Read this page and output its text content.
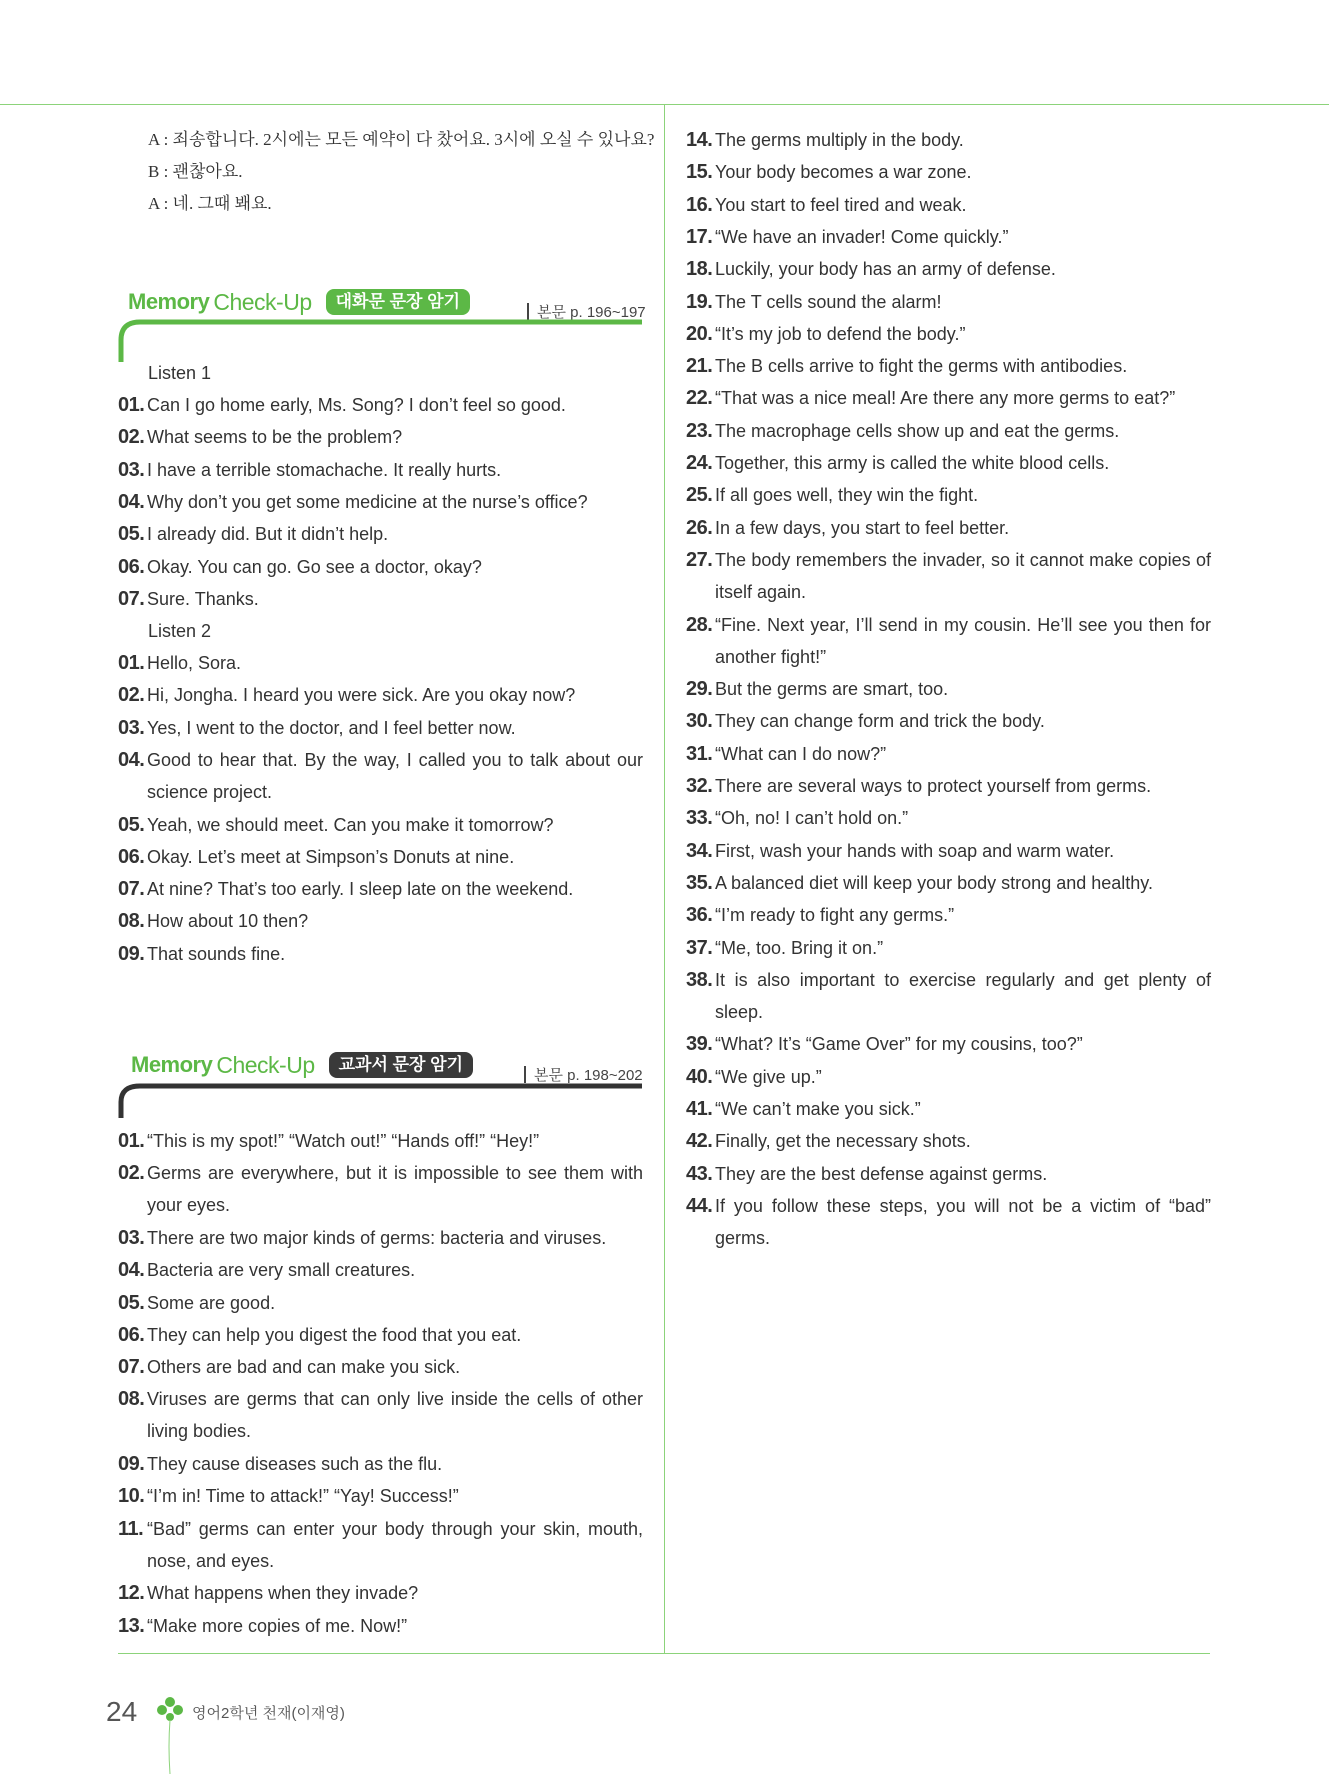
A : 죄송합니다. 2시에는 모든 예약이 다 찼어요. 3시에 오실 수 있나요?
B : 괜찮아요.
A : 네. 그때 봬요.
Memory Check-Up	대화문 문장 암기
본문 p. 196~197
Listen 1
01. Can I go home early, Ms. Song? I don’t feel so good.
02. What seems to be the problem?
03. I have a terrible stomachache. It really hurts.
04. Why don’t you get some medicine at the nurse’s office?
05. I already did. But it didn’t help.
06. Okay. You can go. Go see a doctor, okay?
07. Sure. Thanks.
Listen 2
01. Hello, Sora.
02. Hi, Jongha. I heard you were sick. Are you okay now?
03. Yes, I went to the doctor, and I feel better now.
04. Good to hear that. By the way, I called you to talk about our science project.
05. Yeah, we should meet. Can you make it tomorrow?
06. Okay. Let’s meet at Simpson’s Donuts at nine.
07. At nine? That’s too early. I sleep late on the weekend.
08. How about 10 then?
09. That sounds fine.
Memory Check-Up	교과서 문장 암기
본문 p. 198~202
01. “This is my spot!” “Watch out!” “Hands off!” “Hey!”
02. Germs are everywhere, but it is impossible to see them with your eyes.
03. There are two major kinds of germs: bacteria and viruses.
04. Bacteria are very small creatures.
05. Some are good.
06. They can help you digest the food that you eat.
07. Others are bad and can make you sick.
08. Viruses are germs that can only live inside the cells of other living bodies.
09. They cause diseases such as the flu.
10. “I’m in! Time to attack!” “Yay! Success!”
11. “Bad” germs can enter your body through your skin, mouth, nose, and eyes.
12. What happens when they invade?
13. “Make more copies of me. Now!”
14. The germs multiply in the body.
15. Your body becomes a war zone.
16. You start to feel tired and weak.
17. “We have an invader! Come quickly.”
18. Luckily, your body has an army of defense.
19. The T cells sound the alarm!
20. “It’s my job to defend the body.”
21. The B cells arrive to fight the germs with antibodies.
22. “That was a nice meal! Are there any more germs to eat?”
23. The macrophage cells show up and eat the germs.
24. Together, this army is called the white blood cells.
25. If all goes well, they win the fight.
26. In a few days, you start to feel better.
27. The body remembers the invader, so it cannot make copies of itself again.
28. “Fine. Next year, I’ll send in my cousin. He’ll see you then for another fight!”
29. But the germs are smart, too.
30. They can change form and trick the body.
31. “What can I do now?”
32. There are several ways to protect yourself from germs.
33. “Oh, no! I can’t hold on.”
34. First, wash your hands with soap and warm water.
35. A balanced diet will keep your body strong and healthy.
36. “I’m ready to fight any germs.”
37. “Me, too. Bring it on.”
38. It is also important to exercise regularly and get plenty of sleep.
39. “What? It’s “Game Over” for my cousins, too?”
40. “We give up.”
41. “We can’t make you sick.”
42. Finally, get the necessary shots.
43. They are the best defense against germs.
44. If you follow these steps, you will not be a victim of “bad” germs.
24	영어2학년 천재(이재영)
